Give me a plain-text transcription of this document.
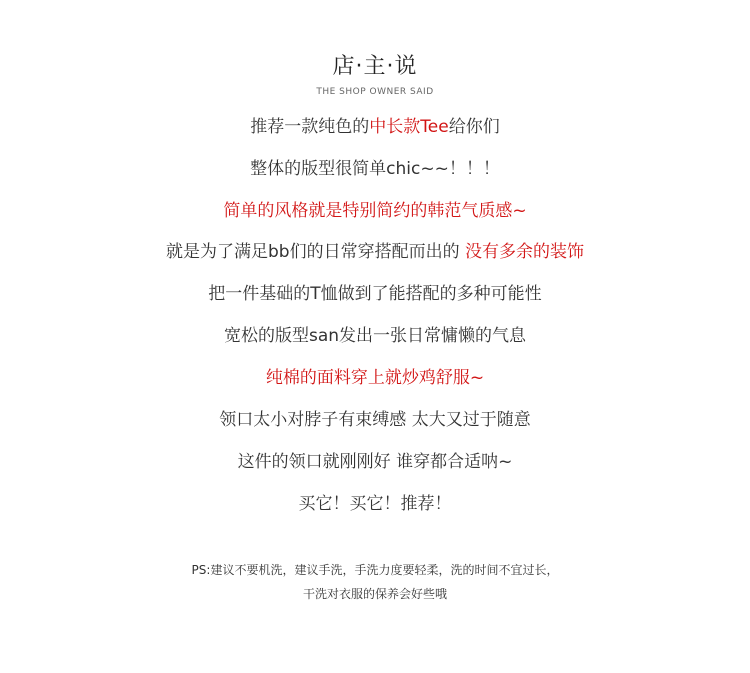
店·主·说
THE SHOP OWNER SAID
推荐一款纯色的中长款Tee给你们
整体的版型很简单chic~~！！！
简单的风格就是特别简约的韩范气质感~
就是为了满足bb们的日常穿搭配而出的 没有多余的装饰
把一件基础的T恤做到了能搭配的多种可能性
宽松的版型san发出一张日常慵懒的气息
纯棉的面料穿上就炒鸡舒服~
领口太小对脖子有束缚感 太大又过于随意
这件的领口就刚刚好 谁穿都合适呐~
买它！买它！推荐！
PS:建议不要机洗，建议手洗，手洗力度要轻柔，洗的时间不宜过长，
干洗对衣服的保养会好些哦
